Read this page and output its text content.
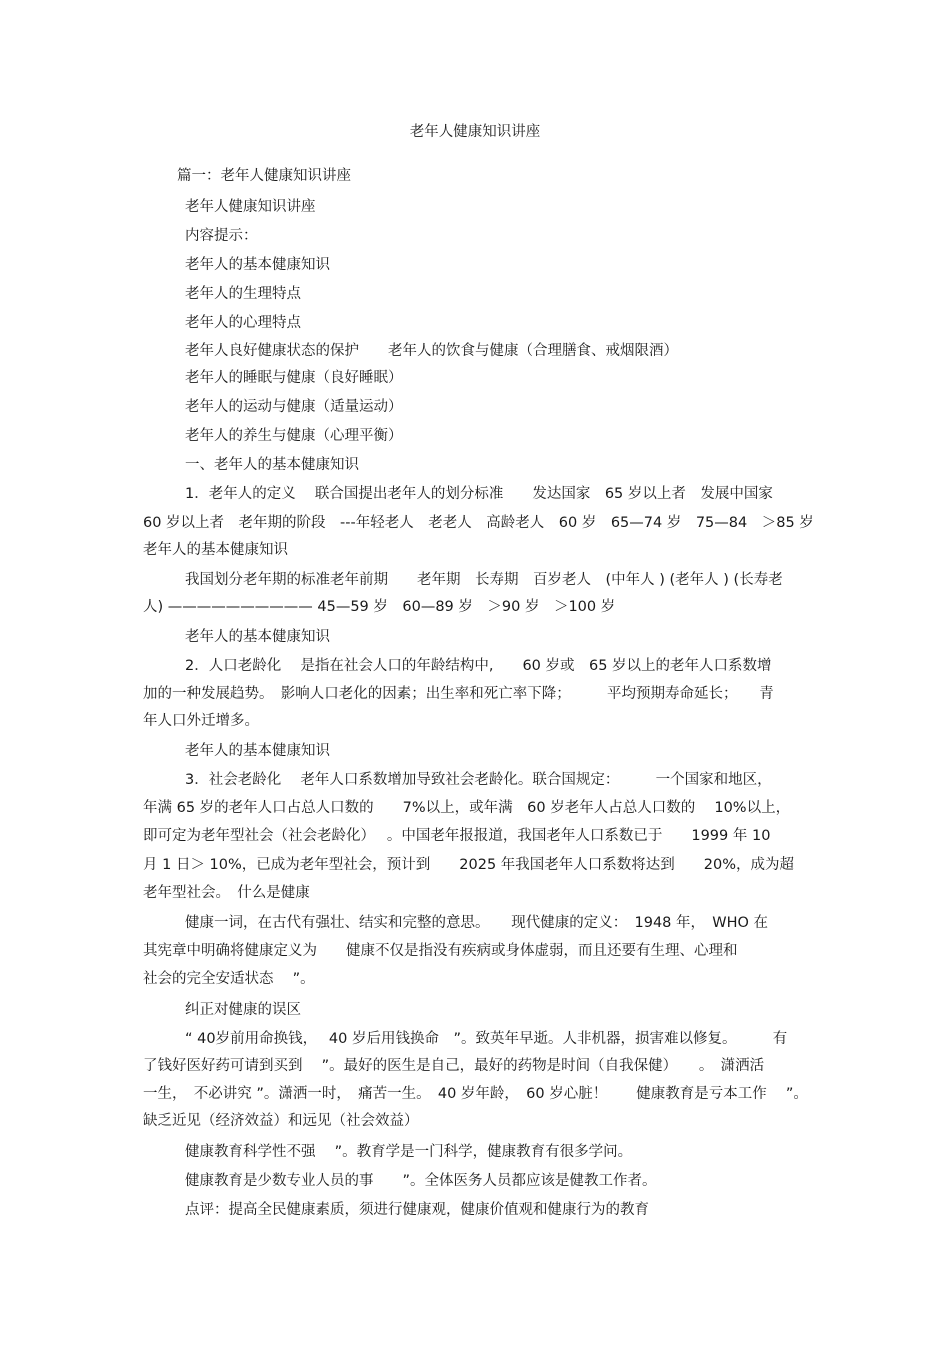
老年人健康知识讲座
篇一：老年人健康知识讲座
老年人健康知识讲座
内容提示：
老年人的基本健康知识
老年人的生理特点
老年人的心理特点
老年人良好健康状态的保护　　老年人的饮食与健康（合理膳食、戒烟限酒）
老年人的睡眠与健康（良好睡眠）
老年人的运动与健康（适量运动）
老年人的养生与健康（心理平衡）
一、老年人的基本健康知识
1．老年人的定义　 联合国提出老年人的划分标准　　发达国家　65 岁以上者　发展中国家
60 岁以上者　老年期的阶段　---年轻老人　老老人　高龄老人　60 岁　65—74 岁　75—84　＞85 岁
老年人的基本健康知识
我国划分老年期的标准老年前期　　老年期　长寿期　百岁老人　(中年人 ) (老年人 ) (长寿老
人) —————————— 45—59 岁　60—89 岁　＞90 岁　＞100 岁
老年人的基本健康知识
2．人口老龄化　 是指在社会人口的年龄结构中,　　60 岁或　65 岁以上的老年人口系数增
加的一种发展趋势。　影响人口老化的因素；出生率和死亡率下降；　　　平均预期寿命延长；　　青
年人口外迁增多。
老年人的基本健康知识
3．社会老龄化　 老年人口系数增加导致社会老龄化。联合国规定：　　　一个国家和地区，
年满 65 岁的老年人口占总人口数的　　7%以上，或年满　60 岁老年人占总人口数的　 10%以上，
即可定为老年型社会（社会老龄化）　 。中国老年报报道，我国老年人口系数已于　　1999 年 10
月 1 日＞ 10%，已成为老年型社会，预计到　　2025 年我国老年人口系数将达到　　20%，成为超
老年型社会。　什么是健康
健康一词，在古代有强壮、结实和完整的意思。　　现代健康的定义：　1948 年，　WHO 在
其宪章中明确将健康定义为　　健康不仅是指没有疾病或身体虚弱，而且还要有生理、心理和
社会的完全安适状态　 ”。
纠正对健康的误区
“ 40岁前用命换钱，　 40 岁后用钱换命　”。致英年早逝。人非机器，损害难以修复。　　　有
了钱好医好药可请到买到　 ”。最好的医生是自己，最好的药物是时间（自我保健）　　。　潇洒活
一生，　不必讲究 ”。潇洒一时，　痛苦一生。　40 岁年龄，　60 岁心脏！　　健康教育是亏本工作　 ”。
缺乏近见（经济效益）和远见（社会效益）
健康教育科学性不强　 ”。教育学是一门科学，健康教育有很多学问。
健康教育是少数专业人员的事　　”。全体医务人员都应该是健教工作者。
点评：提高全民健康素质，须进行健康观，健康价值观和健康行为的教育
